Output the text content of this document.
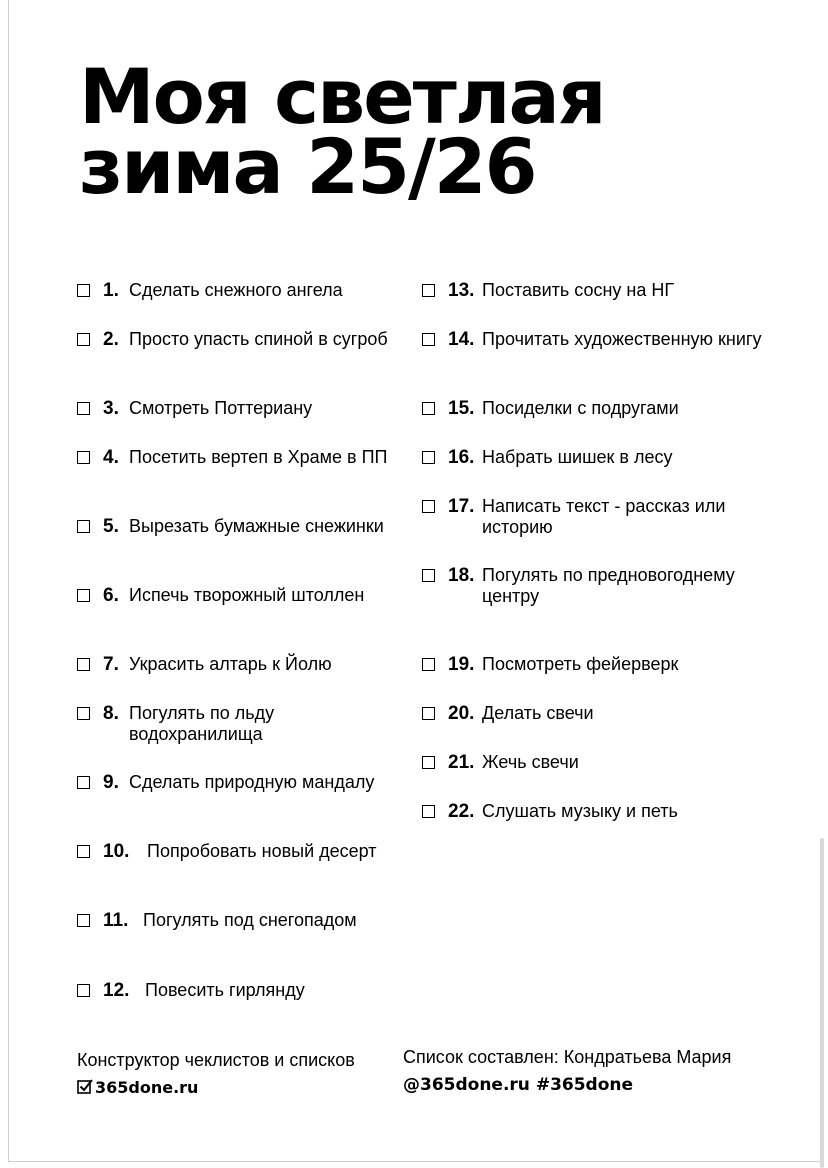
Моя светлая
зима 25/26
1. Сделать снежного ангела
2. Просто упасть спиной в сугроб
3. Смотреть Поттериану
4. Посетить вертеп в Храме в ПП
5. Вырезать бумажные снежинки
6. Испечь творожный штоллен
7. Украсить алтарь к Йолю
8. Погулять по льду водохранилища
9. Сделать природную мандалу
10. Попробовать новый десерт
11. Погулять под снегопадом
12. Повесить гирлянду
13. Поставить сосну на НГ
14. Прочитать художественную книгу
15. Посиделки с подругами
16. Набрать шишек в лесу
17. Написать текст - рассказ или историю
18. Погулять по предновогоднему центру
19. Посмотреть фейерверк
20. Делать свечи
21. Жечь свечи
22. Слушать музыку и петь
Конструктор чеклистов и списков
365done.ru
Список составлен: Кондратьева Мария
@365done.ru #365done
